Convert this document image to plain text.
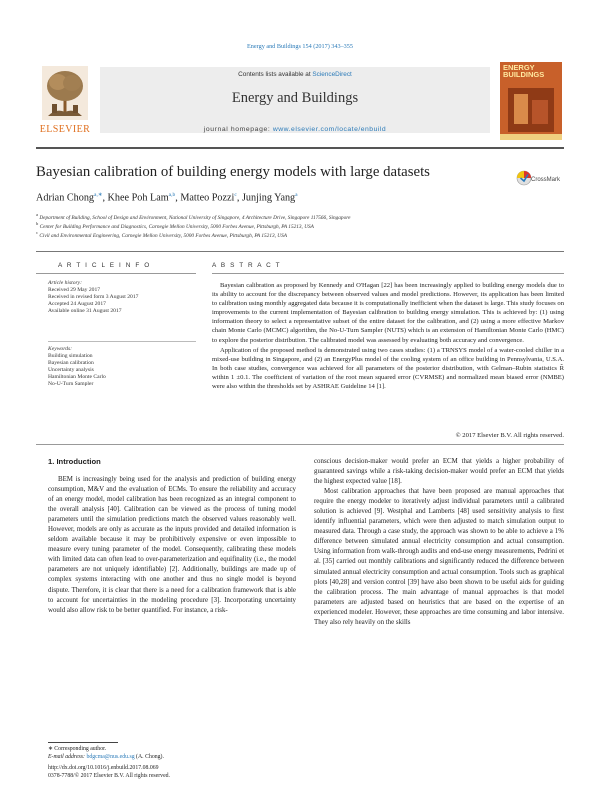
Energy and Buildings 154 (2017) 343–355
Contents lists available at ScienceDirect
Energy and Buildings
journal homepage: www.elsevier.com/locate/enbuild
ELSEVIER
ENERGY BUILDINGS
Bayesian calibration of building energy models with large datasets	CrossMark
Adrian Chong$^{a,∗}$, Khee Poh Lam$^{a,b}$, Matteo Pozzi$^c$, Junjing Yang$^a$
$^a$ Department of Building, School of Design and Environment, National University of Singapore, 4 Architecture Drive, Singapore 117566, Singapore
$^b$ Center for Building Performance and Diagnostics, Carnegie Mellon University, 5000 Forbes Avenue, Pittsburgh, PA 15213, USA
$^c$ Civil and Environmental Engineering, Carnegie Mellon University, 5000 Forbes Avenue, Pittsburgh, PA 15213, USA
A R T I C L E I N F O
Article history:
Received 29 May 2017
Received in revised form 3 August 2017
Accepted 24 August 2017
Available online 31 August 2017
Keywords:
Building simulation
Bayesian calibration
Uncertainty analysis
Hamiltonian Monte Carlo
No-U-Turn Sampler
A B S T R A C T

Bayesian calibration as proposed by Kennedy and O'Hagan [22] has been increasingly applied to building energy models due to its ability to account for the discrepancy between observed values and model predictions. However, its application has been limited to calibration using monthly aggregated data because it is computationally inefficient when the dataset is large. This study focuses on improvements to the current implementation of Bayesian calibration to building energy simulation. This is achieved by: (1) using information theory to select a representative subset of the entire dataset for the calibration, and (2) using a more effective Markov chain Monte Carlo (MCMC) algorithm, the No-U-Turn Sampler (NUTS) which is an extension of Hamiltonian Monte Carlo (HMC) to explore the posterior distribution. The calibrated model was assessed by evaluating both accuracy and convergence.

Application of the proposed method is demonstrated using two cases studies: (1) a TRNSYS model of a water-cooled chiller in a mixed-use building in Singapore, and (2) an EnergyPlus model of the cooling system of an office building in Pennsylvania, U.S.A. In both case studies, convergence was achieved for all parameters of the posterior distribution, with Gelman–Rubin statistics R̂ within 1 ±0.1. The coefficient of variation of the root mean squared error (CVRMSE) and normalized mean biased error (NMBE) were also within the thresholds set by ASHRAE Guideline 14 [1].

© 2017 Elsevier B.V. All rights reserved.
1. Introduction

BEM is increasingly being used for the analysis and prediction of building energy consumption, M&V and the evaluation of ECMs. To ensure the reliability and accuracy of an energy model, model calibration has been recognized as an integral component to the overall analysis [40]. Calibration can be viewed as the process of tuning model parameters until the simulation predictions match the observed values reasonably well. However, models are only as accurate as the inputs provided and detailed information is seldom available because it may be prohibitively expensive or even impossible to measure every tuning parameter of the model. Consequently, calibrating these models with limited data can often lead to over-parameterization and equifinality (i.e., the model parameters are not uniquely identifiable) [2]. Additionally, buildings are made up of complex systems interacting with one another and thus no single model is beyond dispute. Therefore, it is clear that there is a need for a calibration framework that is able to account for uncertainties in the modeling procedure [3]. Incorporating uncertainty would also allow risk to be better quantified. For instance, a risk-

conscious decision-maker would prefer an ECM that yields a higher probability of guaranteed savings while a risk-taking decision-maker would prefer an ECM that yields the highest expected value [18].

Most calibration approaches that have been proposed are manual approaches that require the energy modeler to iteratively adjust individual parameters until a calibrated solution is achieved [9]. Westphal and Lamberts [48] used sensitivity analysis to first identify influential parameters, which were then adjusted to match simulation output to measured data. Through a case study, the approach was shown to be able to achieve a 1% difference between simulated annual electricity consumption and actual consumption. Using information from walk-through audits and end-use energy measurements, Pedrini et al. [35] carried out monthly calibrations and significantly reduced the difference between simulated annual electricity consumption and actual consumption. Tools such as graphical plots [40,28] and version control [39] have also been shown to be useful aids for guiding the calibration process. The main advantage of manual approaches is that model parameters are adjusted based on heuristics that are based on the expertise of an experienced modeler. However, these approaches are time consuming and labor intensive. They also rely heavily on the skills

∗ Corresponding author.
E-mail address: bdgcma@nus.edu.sg (A. Chong).
http://dx.doi.org/10.1016/j.enbuild.2017.08.069
0378-7788/© 2017 Elsevier B.V. All rights reserved.
